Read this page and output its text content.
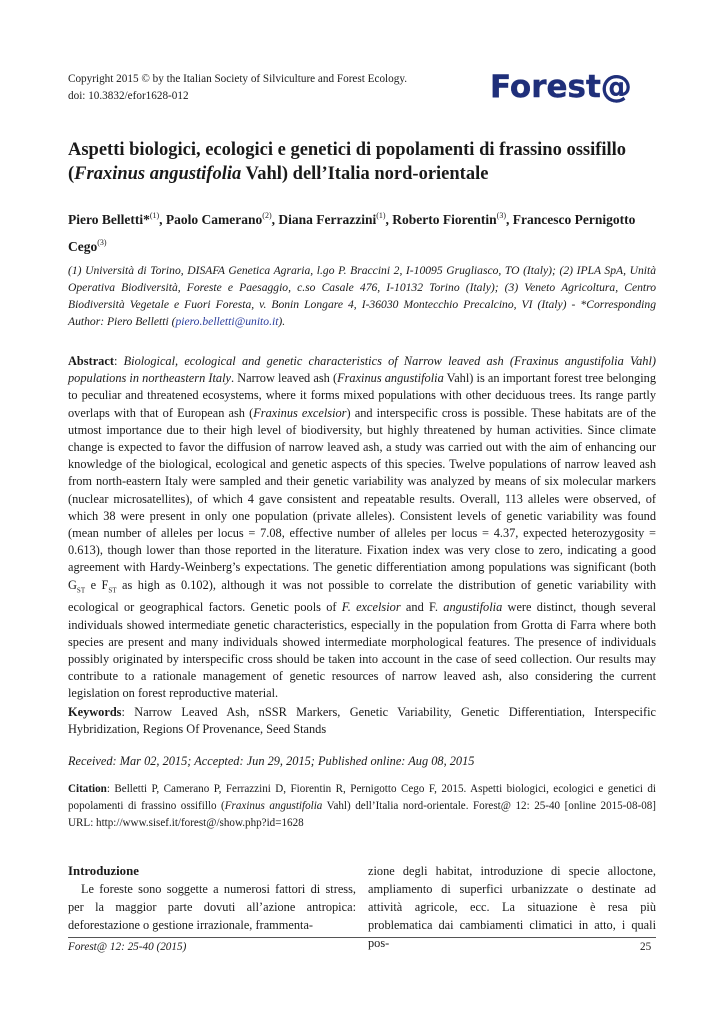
Copyright 2015 © by the Italian Society of Silviculture and Forest Ecology.
doi: 10.3832/efor1628-012	Forest@
Aspetti biologici, ecologici e genetici di popolamenti di frassino ossifillo
(Fraxinus angustifolia Vahl) dell’Italia nord-orientale
Piero Belletti*$^{(1)}$, Paolo Camerano$^{(2)}$, Diana Ferrazzini$^{(1)}$, Roberto Fiorentin$^{(3)}$, Francesco Pernigotto Cego$^{(3)}$
(1) Università di Torino, DISAFA Genetica Agraria, l.go P. Braccini 2, I-10095 Grugliasco, TO (Italy); (2) IPLA SpA, Unità Operativa Biodiversità, Foreste e Paesaggio, c.so Casale 476, I-10132 Torino (Italy); (3) Veneto Agricoltura, Centro Biodiversità Vegetale e Fuori Foresta, v. Bonin Longare 4, I-36030 Montecchio Precalcino, VI (Italy) - *Corresponding Author: Piero Belletti (piero.belletti@unito.it).
Abstract: Biological, ecological and genetic characteristics of Narrow leaved ash (Fraxinus angustifolia Vahl) populations in northeastern Italy. Narrow leaved ash (Fraxinus angustifolia Vahl) is an important forest tree belonging to peculiar and threatened ecosystems, where it forms mixed populations with other deciduous trees. Its range partly overlaps with that of European ash (Fraxinus excelsior) and interspecific cross is possible. These habitats are of the utmost importance due to their high level of biodiversity, but highly threatened by human activities. Since climate change is expected to favor the diffusion of narrow leaved ash, a study was carried out with the aim of enhancing our knowledge of the biological, ecological and genetic aspects of this species. Twelve populations of narrow leaved ash from north-eastern Italy were sampled and their genetic variability was analyzed by means of six molecular markers (nuclear microsatellites), of which 4 gave consistent and repeatable results. Overall, 113 alleles were observed, of which 38 were present in only one population (private alleles). Consistent levels of genetic variability was found (mean number of alleles per locus = 7.08, effective number of alleles per locus = 4.37, expected heterozygosity = 0.613), though lower than those reported in the literature. Fixation index was very close to zero, indicating a good agreement with Hardy-Weinberg’s expectations. The genetic differentiation among populations was significant (both $G_{ST}$ e $F_{ST}$ as high as 0.102), although it was not possible to correlate the distribution of genetic variability with ecological or geographical factors. Genetic pools of F. excelsior and F. angustifolia were distinct, though several individuals showed intermediate genetic characteristics, especially in the population from Grotta di Farra where both species are present and many individuals showed intermediate morphological features. The presence of individuals possibly originated by interspecific cross should be taken into account in the case of seed collection. Our results may contribute to a rationale management of genetic resources of narrow leaved ash, also considering the current legislation on forest reproductive material.
Keywords: Narrow Leaved Ash, nSSR Markers, Genetic Variability, Genetic Differentiation, Interspecific Hybridization, Regions Of Provenance, Seed Stands
Received: Mar 02, 2015; Accepted: Jun 29, 2015; Published online: Aug 08, 2015
Citation: Belletti P, Camerano P, Ferrazzini D, Fiorentin R, Pernigotto Cego F, 2015. Aspetti biologici, ecologici e genetici di popolamenti di frassino ossifillo (Fraxinus angustifolia Vahl) dell’Italia nord-orientale. Forest@ 12: 25-40 [online 2015-08-08] URL: http://www.sisef.it/forest@/show.php?id=1628
Introduzione
Le foreste sono soggette a numerosi fattori di stress, per la maggior parte dovuti all’azione antropica: deforestazione o gestione irrazionale, frammenta-
zione degli habitat, introduzione di specie alloctone, ampliamento di superfici urbanizzate o destinate ad attività agricole, ecc. La situazione è resa più problematica dai cambiamenti climatici in atto, i quali pos-
Forest@ 12: 25-40 (2015)	25
